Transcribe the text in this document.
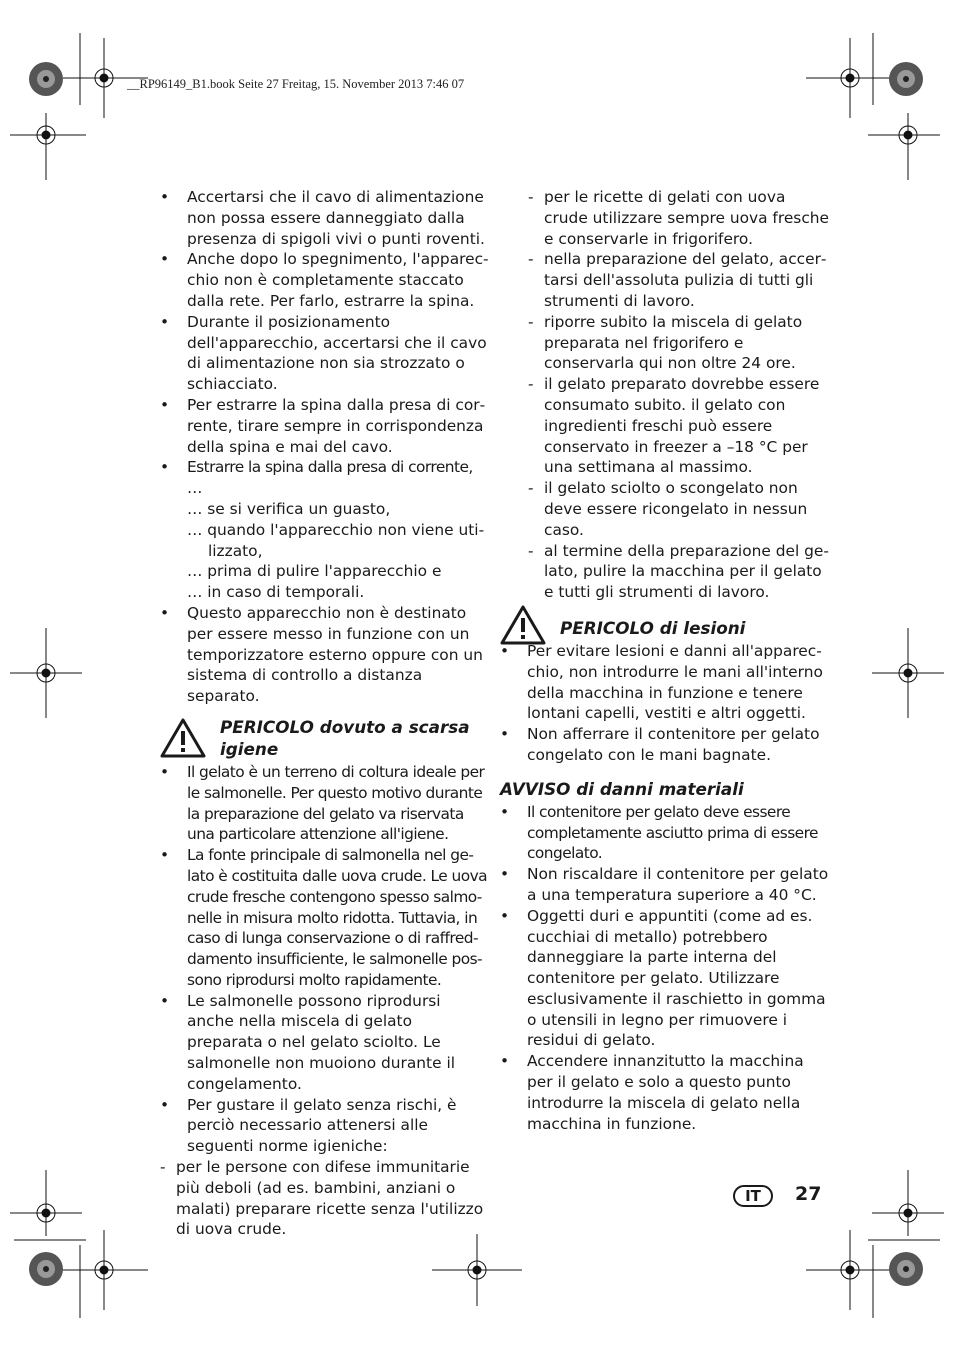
__RP96149_B1.book Seite 27 Freitag, 15. November 2013 7:46 07

• Accertarsi che il cavo di alimentazione non possa essere danneggiato dalla presenza di spigoli vivi o punti roventi.

• Anche dopo lo spegnimento, l'apparecchio non è completamente staccato dalla rete. Per farlo, estrarre la spina.

• Durante il posizionamento dell'apparecchio, accertarsi che il cavo di alimentazione non sia strozzato o schiacciato.

• Per estrarre la spina dalla presa di corrente, tirare sempre in corrispondenza della spina e mai del cavo.

• Estrarre la spina dalla presa di corrente, …

… se si verifica un guasto,

… quando l'apparecchio non viene utilizzato,

… prima di pulire l'apparecchio e

… in caso di temporali.

• Questo apparecchio non è destinato per essere messo in funzione con un temporizzatore esterno oppure con un sistema di controllo a distanza separato.

PERICOLO dovuto a scarsa igiene

• Il gelato è un terreno di coltura ideale per le salmonelle. Per questo motivo durante la preparazione del gelato va riservata una particolare attenzione all'igiene.

• La fonte principale di salmonella nel gelato è costituita dalle uova crude. Le uova crude fresche contengono spesso salmonelle in misura molto ridotta. Tuttavia, in caso di lunga conservazione o di raffreddamento insufficiente, le salmonelle possono riprodursi molto rapidamente.

• Le salmonelle possono riprodursi anche nella miscela di gelato preparata o nel gelato sciolto. Le salmonelle non muoiono durante il congelamento.

• Per gustare il gelato senza rischi, è perciò necessario attenersi alle seguenti norme igieniche:

- per le persone con difese immunitarie più deboli (ad es. bambini, anziani o malati) preparare ricette senza l'utilizzo di uova crude.

- per le ricette di gelati con uova crude utilizzare sempre uova fresche e conservarle in frigorifero.

- nella preparazione del gelato, accertarsi dell'assoluta pulizia di tutti gli strumenti di lavoro.

- riporre subito la miscela di gelato preparata nel frigorifero e conservarla qui non oltre 24 ore.

- il gelato preparato dovrebbe essere consumato subito. il gelato con ingredienti freschi può essere conservato in freezer a –18 °C per una settimana al massimo.

- il gelato sciolto o scongelato non deve essere ricongelato in nessun caso.

- al termine della preparazione del gelato, pulire la macchina per il gelato e tutti gli strumenti di lavoro.

PERICOLO di lesioni

• Per evitare lesioni e danni all'apparecchio, non introdurre le mani all'interno della macchina in funzione e tenere lontani capelli, vestiti e altri oggetti.

• Non afferrare il contenitore per gelato congelato con le mani bagnate.

AVVISO di danni materiali

• Il contenitore per gelato deve essere completamente asciutto prima di essere congelato.

• Non riscaldare il contenitore per gelato a una temperatura superiore a 40 °C.

• Oggetti duri e appuntiti (come ad es. cucchiai di metallo) potrebbero danneggiare la parte interna del contenitore per gelato. Utilizzare esclusivamente il raschietto in gomma o utensili in legno per rimuovere i residui di gelato.

• Accendere innanzitutto la macchina per il gelato e solo a questo punto introdurre la miscela di gelato nella macchina in funzione.

IT	27
